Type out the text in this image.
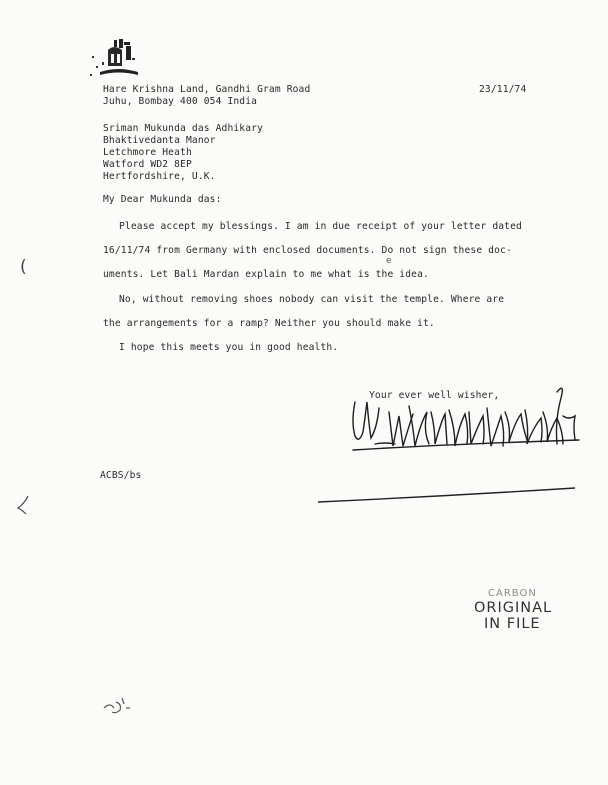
23/11/74
Hare Krishna Land, Gandhi Gram Road
Juhu, Bombay 400 054 India
Sriman Mukunda das Adhikary
Bhaktivedanta Manor
Letchmore Heath
Watford WD2 8EP
Hertfordshire, U.K.
My Dear Mukunda das:
e
Please accept my blessings. I am in due receipt of your letter dated
16/11/74 from Germany with enclosed documents. Do not sign these doc-
uments. Let Bali Mardan explain to me what is the idea.
No, without removing shoes nobody can visit the temple. Where are
the arrangements for a ramp? Neither you should make it.
I hope this meets you in good health.
(
Your ever well wisher,
ACBS/bs
CARBON
ORIGINAL
IN FILE
